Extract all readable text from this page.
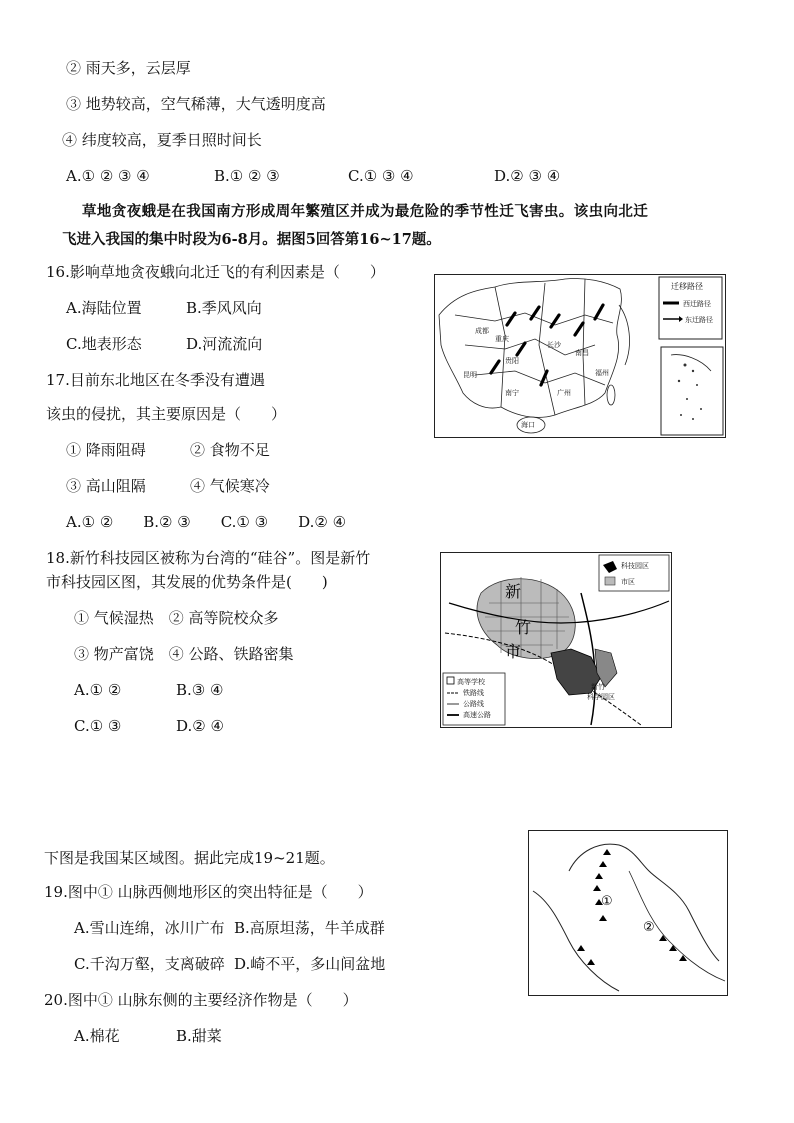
② 雨天多，云层厚
③ 地势较高，空气稀薄，大气透明度高
④ 纬度较高，夏季日照时间长
A.① ② ③ ④	B.① ② ③	C.① ③ ④	D.② ③ ④
草地贪夜蛾是在我国南方形成周年繁殖区并成为最危险的季节性迁飞害虫。该虫向北迁
飞进入我国的集中时段为6-8月。据图5回答第16~17题。
16.影响草地贪夜蛾向北迁飞的有利因素是（　　）
A.海陆位置	B.季风风向
C.地表形态	D.河流流向
17.目前东北地区在冬季没有遭遇
该虫的侵扰，其主要原因是（　　）
① 降雨阻碍	② 食物不足
③ 高山阻隔	④ 气候寒冷
A.① ②　　B.② ③　　C.① ③　　D.② ④
18.新竹科技园区被称为台湾的“硅谷”。图是新竹
市科技园区图，其发展的优势条件是(　　)
① 气候湿热　② 高等院校众多
③ 物产富饶　④ 公路、铁路密集
A.① ②	B.③ ④
C.① ③	D.② ④
下图是我国某区域图。据此完成19~21题。
19.图中① 山脉西侧地形区的突出特征是（　　）
A.雪山连绵，冰川广布 B.高原坦荡，牛羊成群
C.千沟万壑，支离破碎 D.崎不平，多山间盆地
20.图中① 山脉东侧的主要经济作物是（　　）
A.棉花	B.甜菜
成都
重庆
贵阳
昆明
南宁
长沙
南昌
福州
广州
海口
迁移路径
西迁路径
东迁路径
新
竹
市
新竹
科学园区
科技园区
市区
高等学校
铁路线
公路线
高速公路
①
②
